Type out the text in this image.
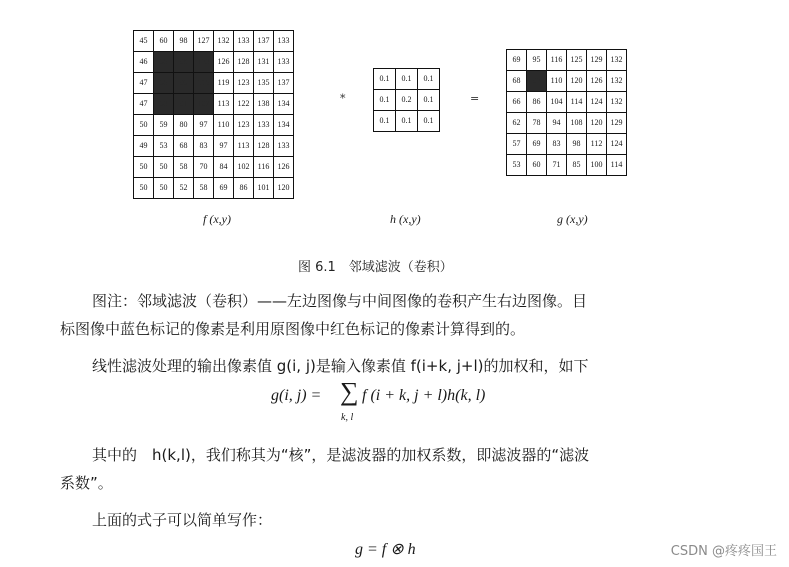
45	60	98	127	132	133	137	133
46	65	98	123	126	128	131	133
47	65	96	115	119	123	135	137
47	63	91	107	113	122	138	134
50	59	80	97	110	123	133	134
49	53	68	83	97	113	128	133
50	50	58	70	84	102	116	126
50	50	52	58	69	86	101	120
*
0.1	0.1	0.1
0.1	0.2	0.1
0.1	0.1	0.1
=
69	95	116	125	129	132
68	92	110	120	126	132
66	86	104	114	124	132
62	78	94	108	120	129
57	69	83	98	112	124
53	60	71	85	100	114
f (x,y)	h (x,y)	g (x,y)
图 6.1　邻域滤波（卷积）
图注：邻域滤波（卷积）——左边图像与中间图像的卷积产生右边图像。目
标图像中蓝色标记的像素是利用原图像中红色标记的像素计算得到的。
线性滤波处理的输出像素值 g(i, j)是输入像素值 f(i+k, j+l)的加权和，如下
g(i, j) = ∑
k, l
f (i + k, j + l)h(k, l)
其中的　h(k,l)，我们称其为“核”，是滤波器的加权系数，即滤波器的“滤波
系数”。
上面的式子可以简单写作：
g = f ⊗ h	CSDN @疼疼国王
